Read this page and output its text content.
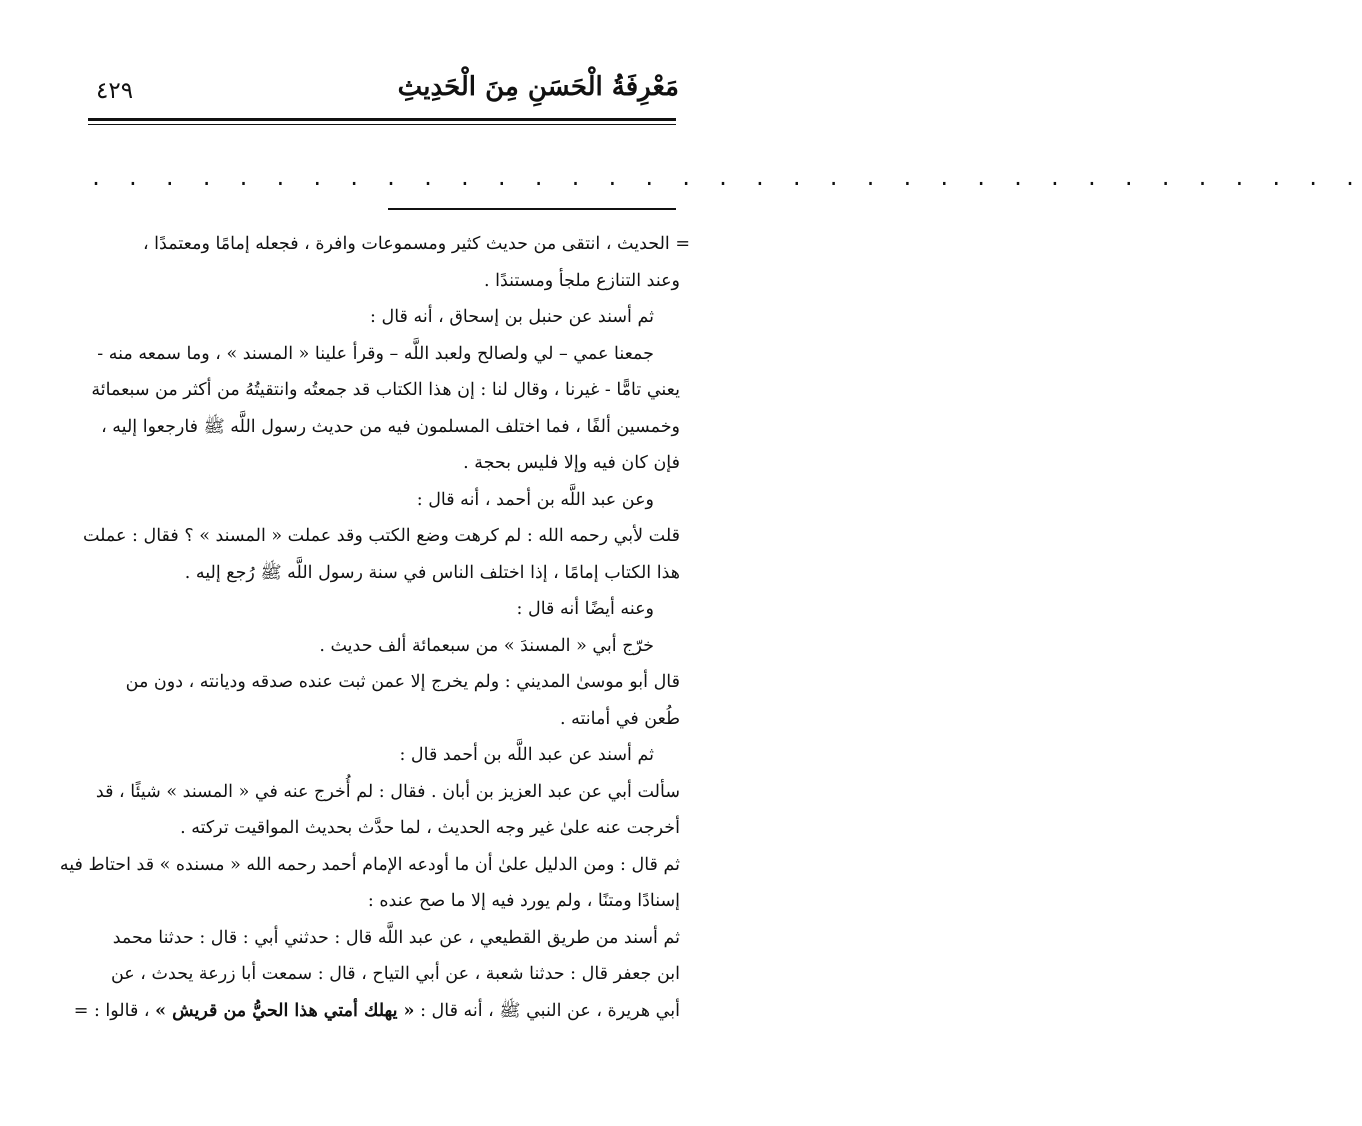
مَعْرِفَةُ الْحَسَنِ مِنَ الْحَدِيثِ
٤٢٩
. . . . . . . . . . . . . . . . . . . . . . . . . . . . . . . . . . .
= الحديث ، انتقى من حديث كثير ومسموعات وافرة ، فجعله إمامًا ومعتمدًا ،
وعند التنازع ملجأ ومستندًا .
ثم أسند عن حنبل بن إسحاق ، أنه قال :
جمعنا عمي – لي ولصالح ولعبد اللَّه – وقرأ علينا « المسند » ، وما سمعه منه -
يعني تامًّا - غيرنا ، وقال لنا : إن هذا الكتاب قد جمعتُه وانتقيتُهُ من أكثر من سبعمائة
وخمسين ألفًا ، فما اختلف المسلمون فيه من حديث رسول اللَّه ﷺ فارجعوا إليه ،
فإن كان فيه وإلا فليس بحجة .
وعن عبد اللَّه بن أحمد ، أنه قال :
قلت لأبي رحمه الله : لم كرهت وضع الكتب وقد عملت « المسند » ؟ فقال : عملت
هذا الكتاب إمامًا ، إذا اختلف الناس في سنة رسول اللَّه ﷺ رُجع إليه .
وعنه أيضًا أنه قال :
خرّج أبي « المسندَ » من سبعمائة ألف حديث .
قال أبو موسىٰ المديني : ولم يخرج إلا عمن ثبت عنده صدقه وديانته ، دون من
طُعن في أمانته .
ثم أسند عن عبد اللَّه بن أحمد قال :
سألت أبي عن عبد العزيز بن أبان . فقال : لم أُخرج عنه في « المسند » شيئًا ، قد
أخرجت عنه علىٰ غير وجه الحديث ، لما حدَّث بحديث المواقيت تركته .
ثم قال : ومن الدليل علىٰ أن ما أودعه الإمام أحمد رحمه الله « مسنده » قد احتاط فيه
إسنادًا ومتنًا ، ولم يورد فيه إلا ما صح عنده :
ثم أسند من طريق القطيعي ، عن عبد اللَّه قال : حدثني أبي : قال : حدثنا محمد
ابن جعفر قال : حدثنا شعبة ، عن أبي التياح ، قال : سمعت أبا زرعة يحدث ، عن
أبي هريرة ، عن النبي ﷺ ، أنه قال : « يهلك أمتي هذا الحيُّ من قريش » ، قالوا : =
